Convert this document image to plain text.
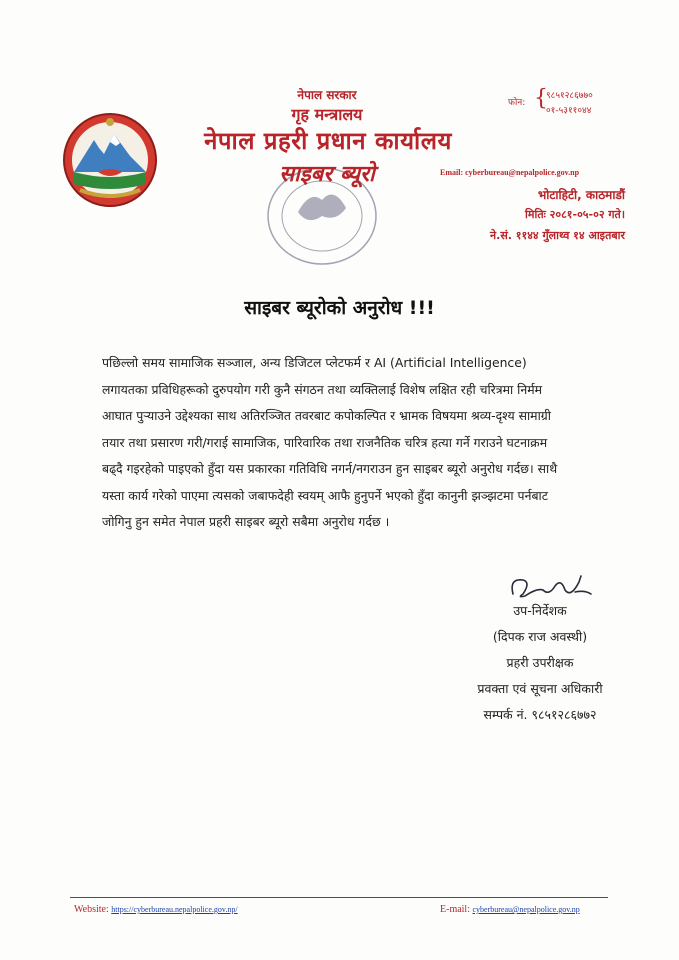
नेपाल सरकार
गृह मन्त्रालय
नेपाल प्रहरी प्रधान कार्यालय
साइबर ब्यूरो
फोन: {
९८५१२८६७७०
०१-५३११०४४
Email: cyberbureau@nepalpolice.gov.np
भोटाहिटी, काठमाडौं
मितिः २०८१-०५-०२ गते।
ने.सं. ११४४ गुँलाथ्व १४ आइतबार
साइबर ब्यूरोको अनुरोध !!!
पछिल्लो समय सामाजिक सञ्जाल, अन्य डिजिटल प्लेटफर्म र AI (Artificial Intelligence)
लगायतका प्रविधिहरूको दुरुपयोग गरी कुनै संगठन तथा व्यक्तिलाई विशेष लक्षित रही चरित्रमा निर्मम
आघात पुऱ्याउने उद्देश्यका साथ अतिरञ्जित तवरबाट कपोकल्पित र भ्रामक विषयमा श्रव्य-दृश्य सामाग्री
तयार तथा प्रसारण गरी/गराई सामाजिक, पारिवारिक तथा राजनैतिक चरित्र हत्या गर्ने गराउने घटनाक्रम
बढ्दै गइरहेको पाइएको हुँदा यस प्रकारका गतिविधि नगर्न/नगराउन हुन साइबर ब्यूरो अनुरोध गर्दछ। साथै
यस्ता कार्य गरेको पाएमा त्यसको जबाफदेही स्वयम् आफै हुनुपर्ने भएको हुँदा कानुनी झञ्झटमा पर्नबाट
जोगिनु हुन समेत नेपाल प्रहरी साइबर ब्यूरो सबैमा अनुरोध गर्दछ ।
उप-निर्देशक
(दिपक राज अवस्थी)
प्रहरी उपरीक्षक
प्रवक्ता एवं सूचना अधिकारी
सम्पर्क नं. ९८५१२८६७७२
Website: https://cyberbureau.nepalpolice.gov.np/	E-mail: cyberbureau@nepalpolice.gov.np
